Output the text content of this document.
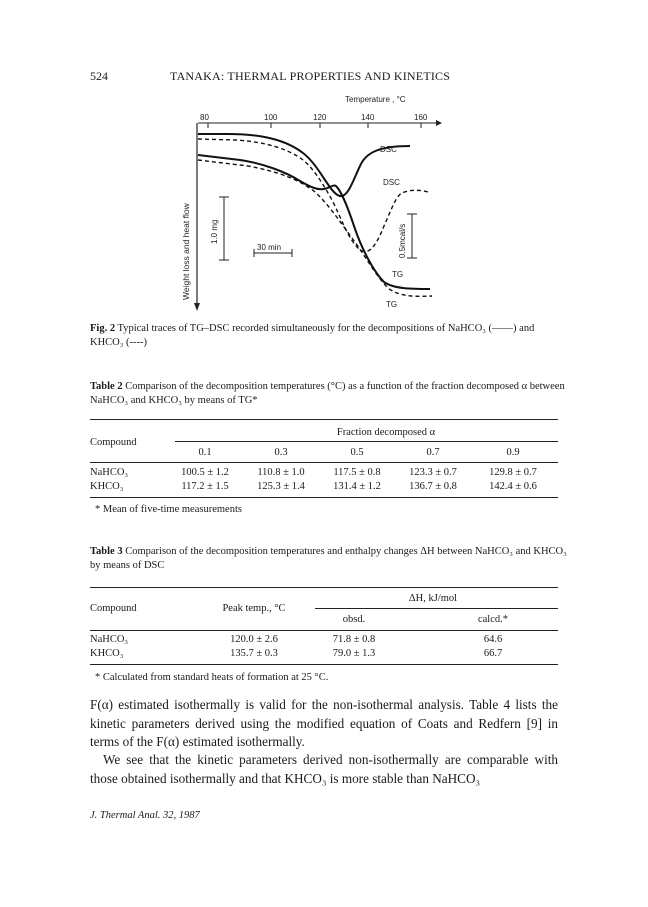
524	TANAKA: THERMAL PROPERTIES AND KINETICS
Temperature , °C
80	100	120	140	160
Weight loss and heat flow 1.0 mg
30 min	0.5mcal/s
DSC
DSC
TG
TG
Fig. 2 Typical traces of TG–DSC recorded simultaneously for the decompositions of NaHCO₃ (——) and KHCO₃ (----)
Table 2 Comparison of the decomposition temperatures (°C) as a function of the fraction decomposed α between NaHCO₃ and KHCO₃ by means of TG*
Fraction decomposed α
Compound
0.1	0.3	0.5	0.7	0.9
NaHCO₃	100.5 ± 1.2	110.8 ± 1.0	117.5 ± 0.8	123.3 ± 0.7	129.8 ± 0.7
KHCO₃	117.2 ± 1.5	125.3 ± 1.4	131.4 ± 1.2	136.7 ± 0.8	142.4 ± 0.6
* Mean of five-time measurements
Table 3 Comparison of the decomposition temperatures and enthalpy changes ΔH between NaHCO₃ and KHCO₃ by means of DSC
ΔH, kJ/mol
Compound	Peak temp., °C
obsd.	calcd.*
NaHCO₃	120.0 ± 2.6	71.8 ± 0.8	64.6
KHCO₃	135.7 ± 0.3	79.0 ± 1.3	66.7
* Calculated from standard heats of formation at 25 °C.
F(α) estimated isothermally is valid for the non-isothermal analysis. Table 4 lists the kinetic parameters derived using the modified equation of Coats and Redfern [9] in terms of the F(α) estimated isothermally.
We see that the kinetic parameters derived non-isothermally are comparable with those obtained isothermally and that KHCO₃ is more stable than NaHCO₃
J. Thermal Anal. 32, 1987
